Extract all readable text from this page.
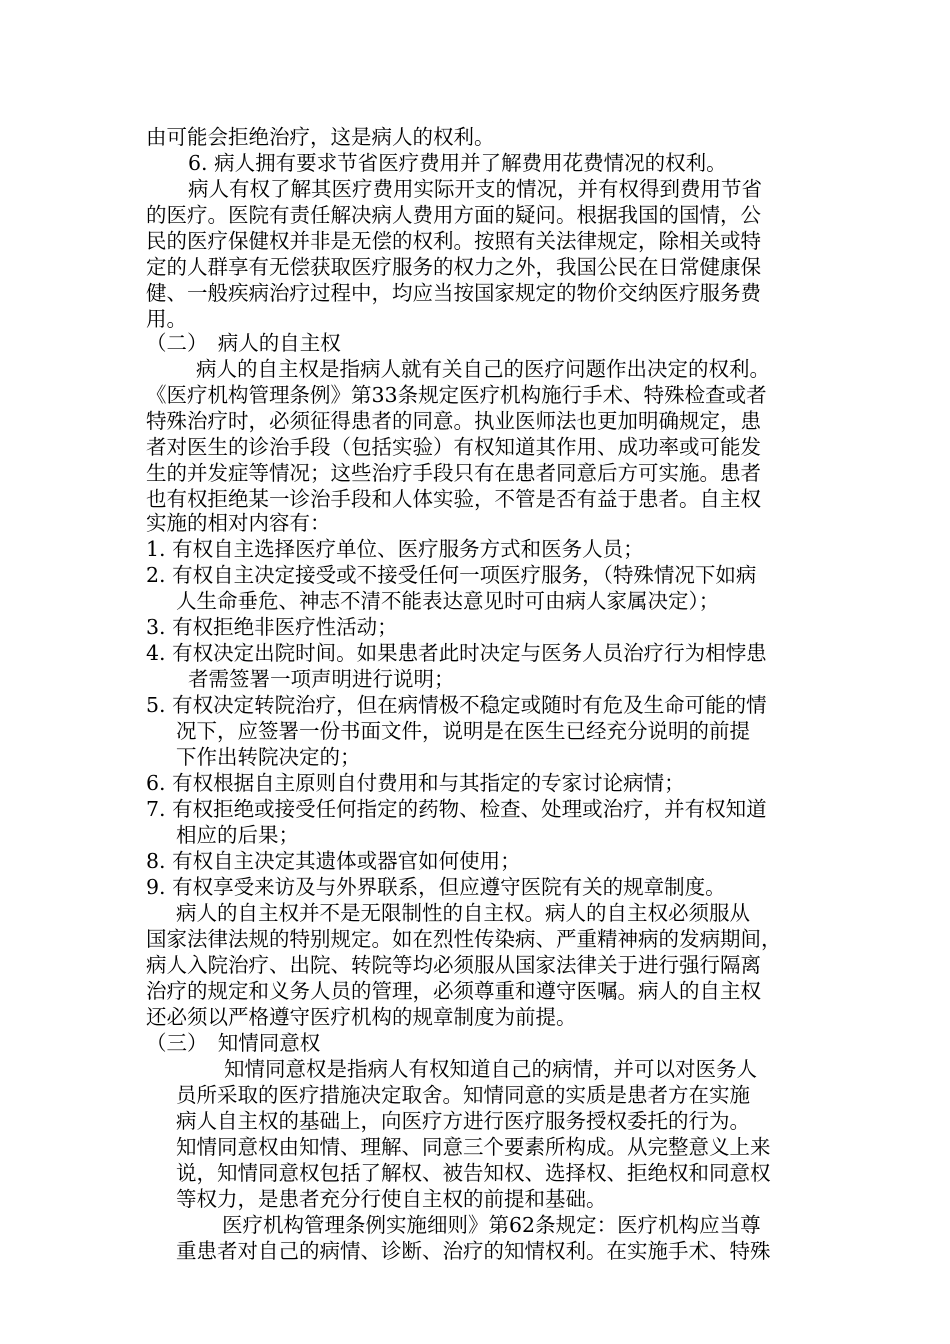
由可能会拒绝治疗，这是病人的权利。
6. 病人拥有要求节省医疗费用并了解费用花费情况的权利。
病人有权了解其医疗费用实际开支的情况，并有权得到费用节省
的医疗。医院有责任解决病人费用方面的疑问。根据我国的国情，公
民的医疗保健权并非是无偿的权利。按照有关法律规定，除相关或特
定的人群享有无偿获取医疗服务的权力之外，我国公民在日常健康保
健、一般疾病治疗过程中，均应当按国家规定的物价交纳医疗服务费
用。
（二）　病人的自主权
病人的自主权是指病人就有关自己的医疗问题作出决定的权利。
《医疗机构管理条例》第33条规定医疗机构施行手术、特殊检查或者
特殊治疗时，必须征得患者的同意。执业医师法也更加明确规定，患
者对医生的诊治手段（包括实验）有权知道其作用、成功率或可能发
生的并发症等情况；这些治疗手段只有在患者同意后方可实施。患者
也有权拒绝某一诊治手段和人体实验，不管是否有益于患者。自主权
实施的相对内容有：
1. 有权自主选择医疗单位、医疗服务方式和医务人员；
2. 有权自主决定接受或不接受任何一项医疗服务，（特殊情况下如病
人生命垂危、神志不清不能表达意见时可由病人家属决定）；
3. 有权拒绝非医疗性活动；
4. 有权决定出院时间。如果患者此时决定与医务人员治疗行为相悖患
者需签署一项声明进行说明；
5. 有权决定转院治疗，但在病情极不稳定或随时有危及生命可能的情
况下，应签署一份书面文件，说明是在医生已经充分说明的前提
下作出转院决定的；
6. 有权根据自主原则自付费用和与其指定的专家讨论病情；
7. 有权拒绝或接受任何指定的药物、检查、处理或治疗，并有权知道
相应的后果；
8. 有权自主决定其遗体或器官如何使用；
9. 有权享受来访及与外界联系，但应遵守医院有关的规章制度。
病人的自主权并不是无限制性的自主权。病人的自主权必须服从
国家法律法规的特别规定。如在烈性传染病、严重精神病的发病期间，
病人入院治疗、出院、转院等均必须服从国家法律关于进行强行隔离
治疗的规定和义务人员的管理，必须尊重和遵守医嘱。病人的自主权
还必须以严格遵守医疗机构的规章制度为前提。
（三）　知情同意权
知情同意权是指病人有权知道自己的病情，并可以对医务人
员所采取的医疗措施决定取舍。知情同意的实质是患者方在实施
病人自主权的基础上，向医疗方进行医疗服务授权委托的行为。
知情同意权由知情、理解、同意三个要素所构成。从完整意义上来
说，知情同意权包括了解权、被告知权、选择权、拒绝权和同意权
等权力，是患者充分行使自主权的前提和基础。
医疗机构管理条例实施细则》第62条规定：医疗机构应当尊
重患者对自己的病情、诊断、治疗的知情权利。在实施手术、特殊
